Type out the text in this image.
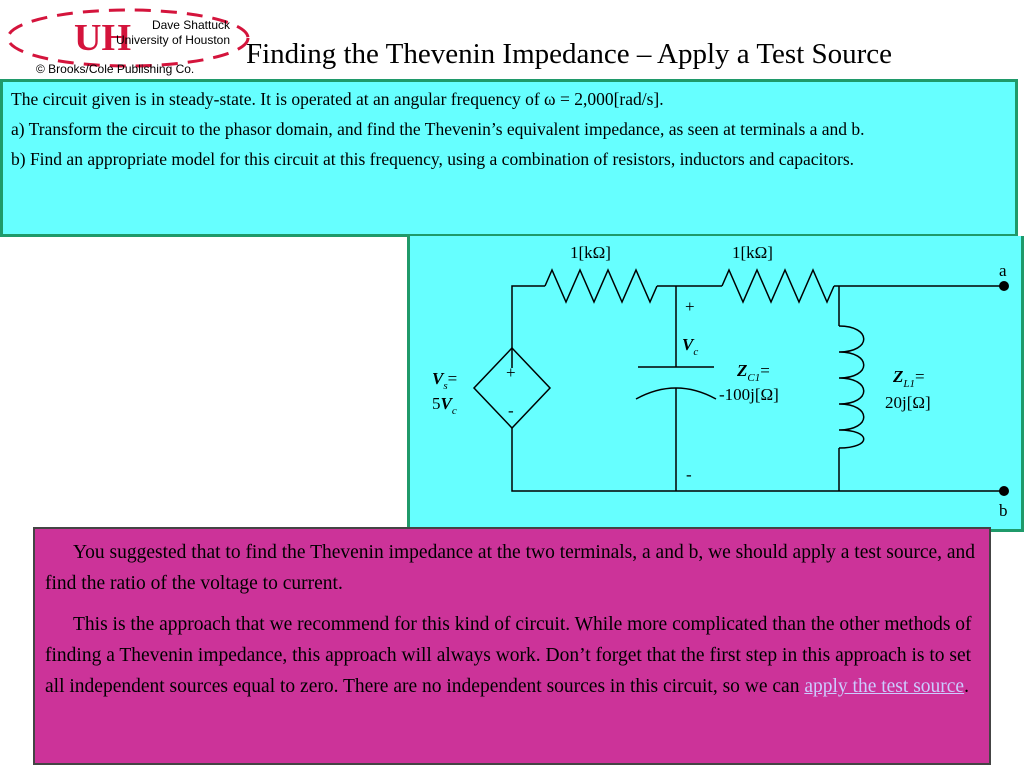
UH	Dave Shattuck
University of Houston
© Brooks/Cole Publishing Co. Finding the Thevenin Impedance – Apply a Test Source

The circuit given is in steady-state. It is operated at an angular frequency of ω = 2,000[rad/s].

a) Transform the circuit to the phasor domain, and find the Thevenin’s equivalent impedance, as seen at terminals a and b.

b) Find an appropriate model for this circuit at this frequency, using a combination of resistors, inductors and capacitors.

1[kΩ]	1[kΩ]
a
b
+
-
$V_c$
+
-
$V_s=$
$5V_c$
$Z_{C1}=$
-100j[Ω]
$Z_{L1}=$
20j[Ω]

You suggested that to find the Thevenin impedance at the two terminals, a and b, we should apply a test source, and find the ratio of the voltage to current.

This is the approach that we recommend for this kind of circuit. While more complicated than the other methods of finding a Thevenin impedance, this approach will always work. Don’t forget that the first step in this approach is to set all independent sources equal to zero. There are no independent sources in this circuit, so we can apply the test source.
